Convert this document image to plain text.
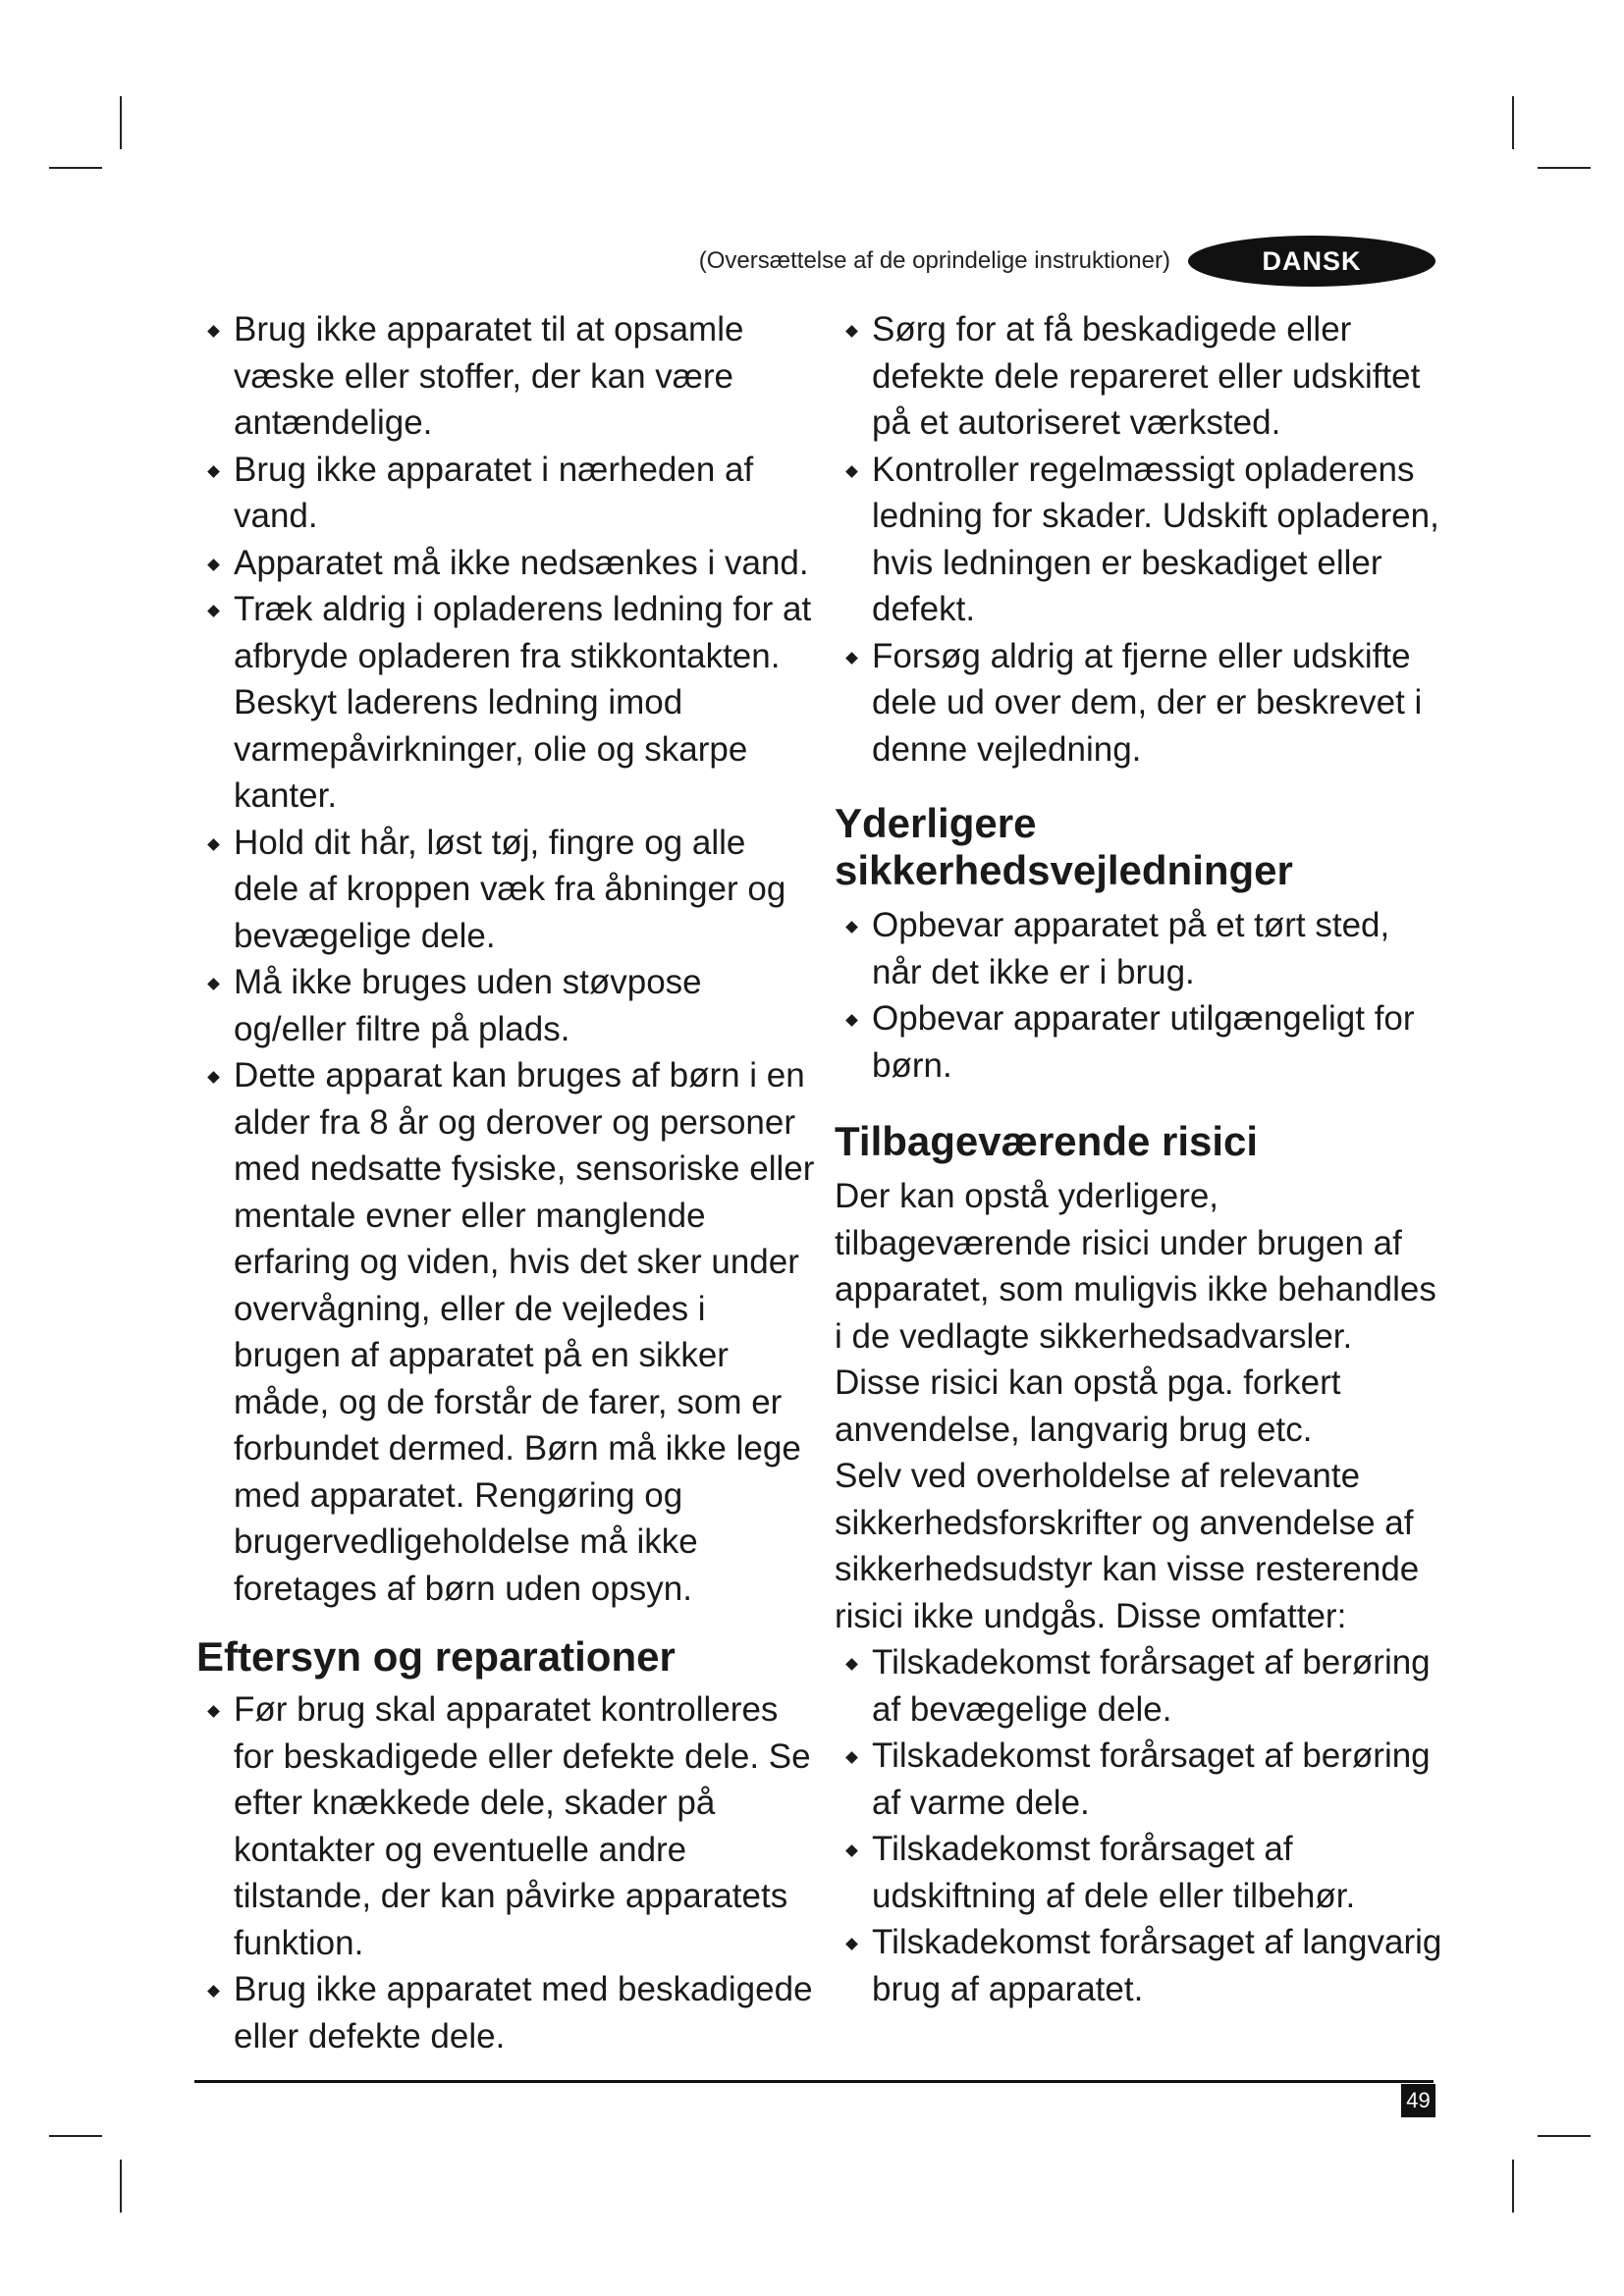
(Oversættelse af de oprindelige instruktioner)	DANSK
Brug ikke apparatet til at opsamle væske eller stoffer, der kan være antændelige.
Brug ikke apparatet i nærheden af vand.
Apparatet må ikke nedsænkes i vand.
Træk aldrig i opladerens ledning for at afbryde opladeren fra stikkontakten. Beskyt laderens ledning imod varmepåvirkninger, olie og skarpe kanter.
Hold dit hår, løst tøj, fingre og alle dele af kroppen væk fra åbninger og bevægelige dele.
Må ikke bruges uden støvpose og/eller filtre på plads.
Dette apparat kan bruges af børn i en alder fra 8 år og derover og personer med nedsatte fysiske, sensoriske eller mentale evner eller manglende erfaring og viden, hvis det sker under overvågning, eller de vejledes i brugen af apparatet på en sikker måde, og de forstår de farer, som er forbundet dermed. Børn må ikke lege med apparatet. Rengøring og brugervedligeholdelse må ikke foretages af børn uden opsyn.
Eftersyn og reparationer
Før brug skal apparatet kontrolleres for beskadigede eller defekte dele. Se efter knækkede dele, skader på kontakter og eventuelle andre tilstande, der kan påvirke apparatets funktion.
Brug ikke apparatet med beskadigede eller defekte dele.
Sørg for at få beskadigede eller defekte dele repareret eller udskiftet på et autoriseret værksted.
Kontroller regelmæssigt opladerens ledning for skader. Udskift opladeren, hvis ledningen er beskadiget eller defekt.
Forsøg aldrig at fjerne eller udskifte dele ud over dem, der er beskrevet i denne vejledning.
Yderligere sikkerhedsvejledninger
Opbevar apparatet på et tørt sted, når det ikke er i brug.
Opbevar apparater utilgængeligt for børn.
Tilbageværende risici

Der kan opstå yderligere, tilbageværende risici under brugen af apparatet, som muligvis ikke behandles i de vedlagte sikkerhedsadvarsler. Disse risici kan opstå pga. forkert anvendelse, langvarig brug etc.

Selv ved overholdelse af relevante sikkerhedsforskrifter og anvendelse af sikkerhedsudstyr kan visse resterende risici ikke undgås. Disse omfatter:

Tilskadekomst forårsaget af berøring af bevægelige dele.
Tilskadekomst forårsaget af berøring af varme dele.
Tilskadekomst forårsaget af udskiftning af dele eller tilbehør.
Tilskadekomst forårsaget af langvarig brug af apparatet.
49
